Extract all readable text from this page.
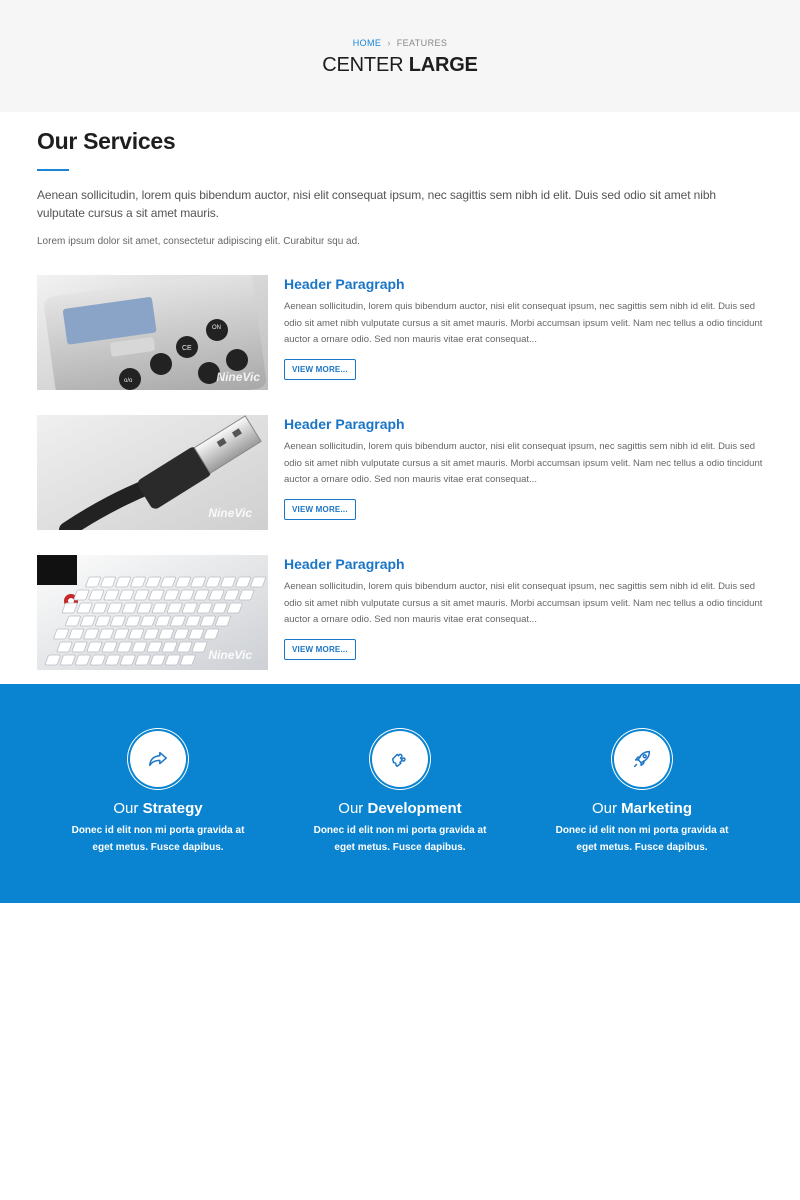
HOME › FEATURES
CENTER LARGE
Our Services

Aenean sollicitudin, lorem quis bibendum auctor, nisi elit consequat ipsum, nec sagittis sem nibh id elit. Duis sed odio sit amet nibh vulputate cursus a sit amet mauris.

Lorem ipsum dolor sit amet, consectetur adipiscing elit. Curabitur squ ad.

CE
ON
o/o	NineVic
Header Paragraph

Aenean sollicitudin, lorem quis bibendum auctor, nisi elit consequat ipsum, nec sagittis sem nibh id elit. Duis sed odio sit amet nibh vulputate cursus a sit amet mauris. Morbi accumsan ipsum velit. Nam nec tellus a odio tincidunt auctor a ornare odio. Sed non mauris vitae erat consequat...

VIEW MORE...
NineVic
Header Paragraph

Aenean sollicitudin, lorem quis bibendum auctor, nisi elit consequat ipsum, nec sagittis sem nibh id elit. Duis sed odio sit amet nibh vulputate cursus a sit amet mauris. Morbi accumsan ipsum velit. Nam nec tellus a odio tincidunt auctor a ornare odio. Sed non mauris vitae erat consequat...

VIEW MORE...
NineVic
Header Paragraph

Aenean sollicitudin, lorem quis bibendum auctor, nisi elit consequat ipsum, nec sagittis sem nibh id elit. Duis sed odio sit amet nibh vulputate cursus a sit amet mauris. Morbi accumsan ipsum velit. Nam nec tellus a odio tincidunt auctor a ornare odio. Sed non mauris vitae erat consequat...

VIEW MORE...
Our Strategy

Donec id elit non mi porta gravida at eget metus. Fusce dapibus.

Our Development

Donec id elit non mi porta gravida at eget metus. Fusce dapibus.

Our Marketing

Donec id elit non mi porta gravida at eget metus. Fusce dapibus.
